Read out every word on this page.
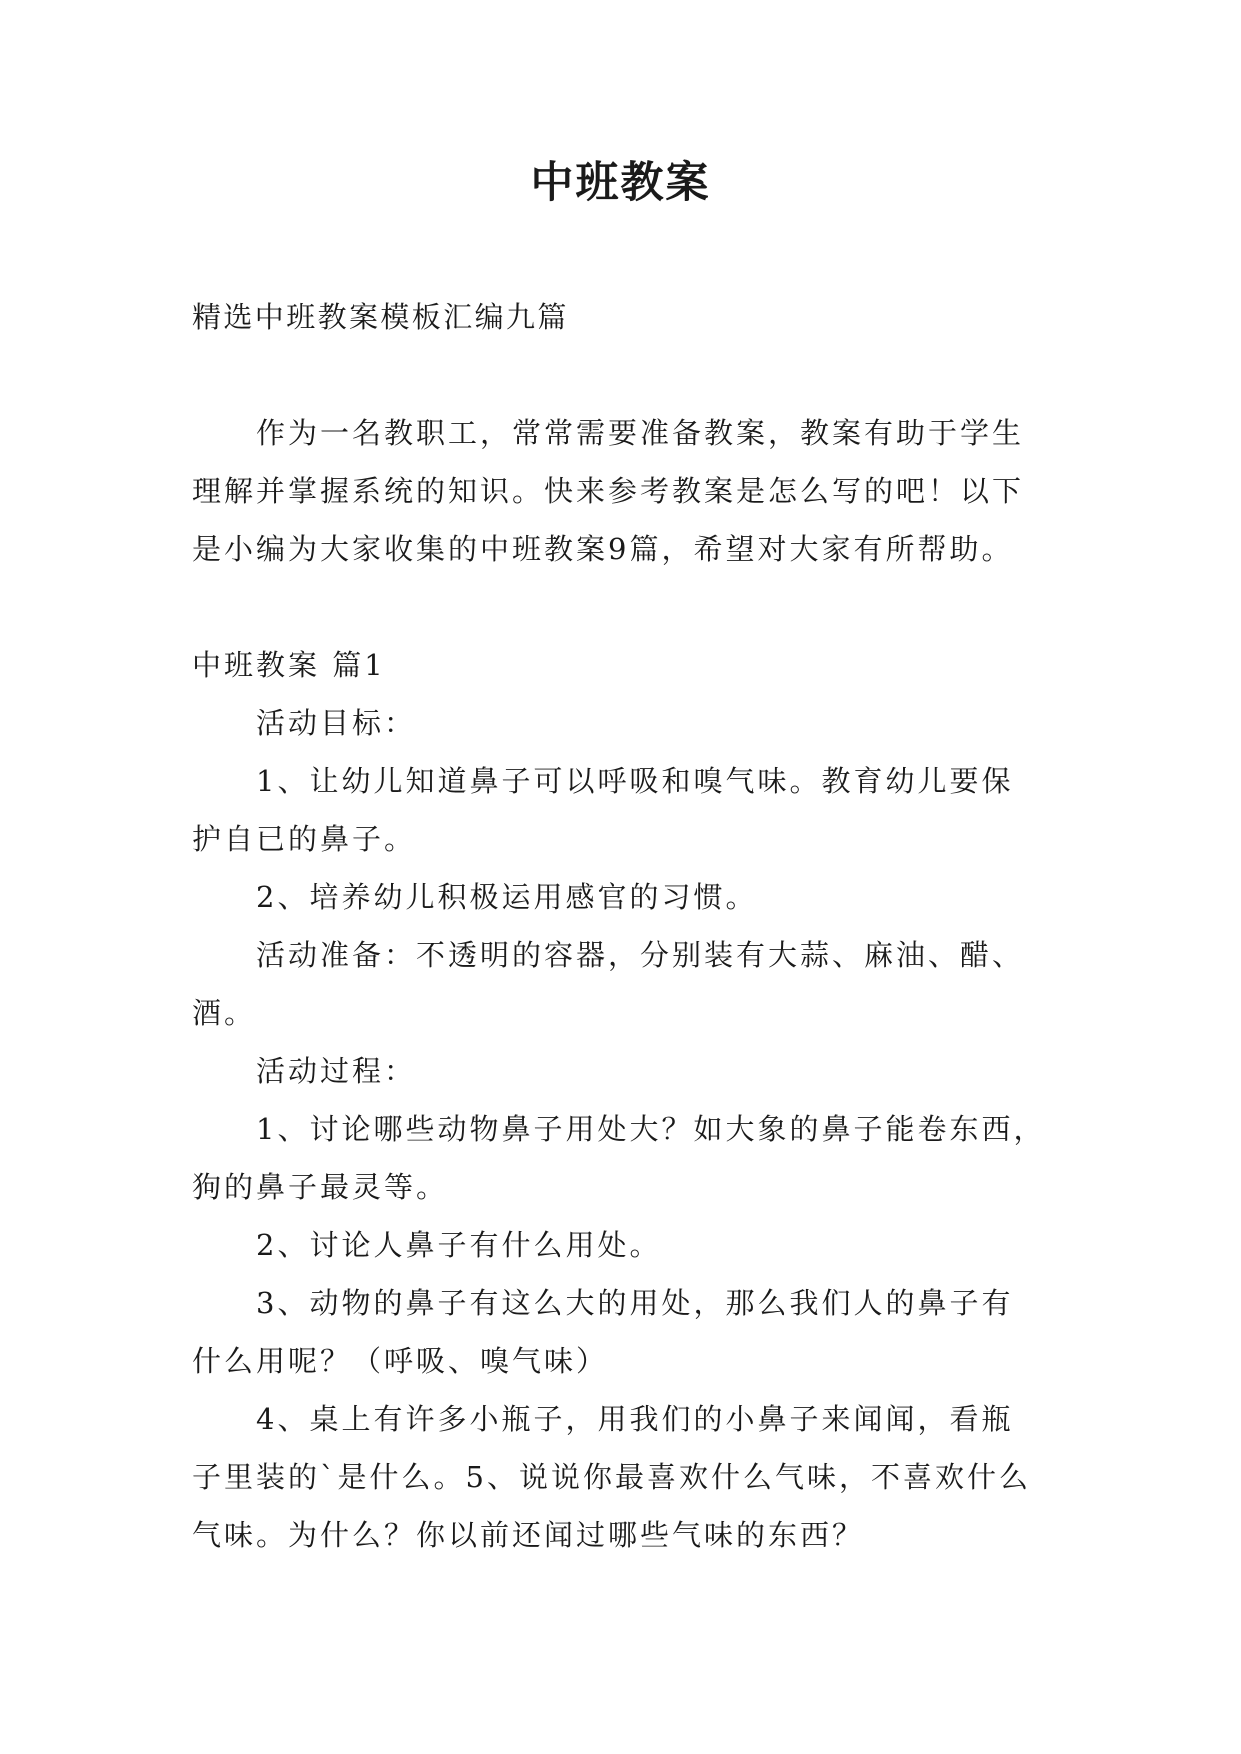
中班教案
精选中班教案模板汇编九篇
作为一名教职工，常常需要准备教案，教案有助于学生
理解并掌握系统的知识。快来参考教案是怎么写的吧！以下
是小编为大家收集的中班教案9篇，希望对大家有所帮助。
中班教案 篇1
活动目标：
1、让幼儿知道鼻子可以呼吸和嗅气味。教育幼儿要保
护自已的鼻子。
2、培养幼儿积极运用感官的习惯。
活动准备：不透明的容器，分别装有大蒜、麻油、醋、
酒。
活动过程：
1、讨论哪些动物鼻子用处大？如大象的鼻子能卷东西，
狗的鼻子最灵等。
2、讨论人鼻子有什么用处。
3、动物的鼻子有这么大的用处，那么我们人的鼻子有
什么用呢？（呼吸、嗅气味）
4、桌上有许多小瓶子，用我们的小鼻子来闻闻，看瓶
子里装的`是什么。5、说说你最喜欢什么气味，不喜欢什么
气味。为什么？你以前还闻过哪些气味的东西？
